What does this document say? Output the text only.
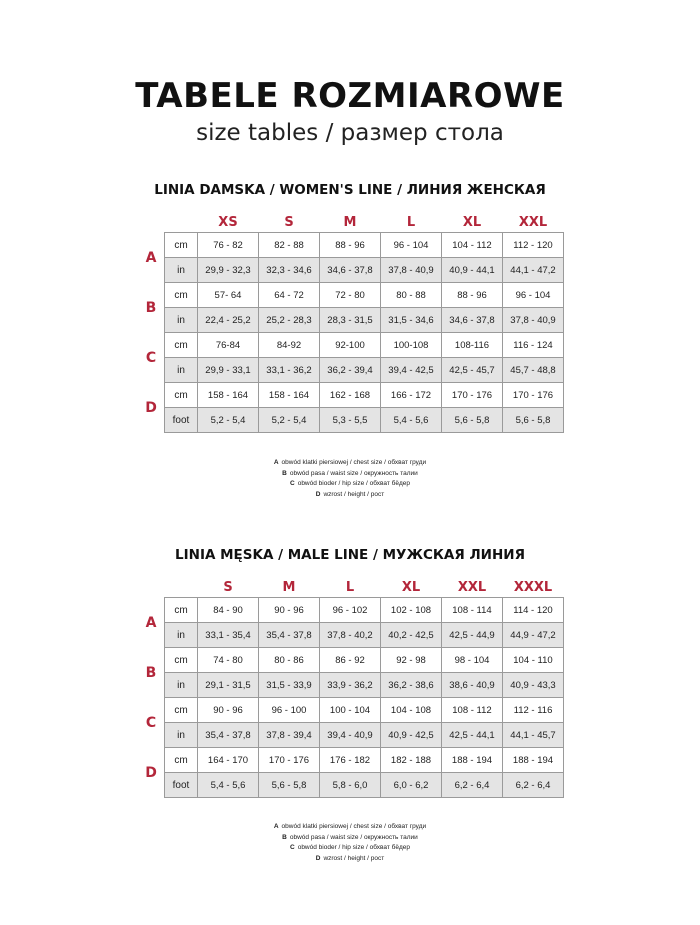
TABELE ROZMIAROWE
size tables / размер стола
LINIA DAMSKA / WOMEN'S LINE / ЛИНИЯ ЖЕНСКАЯ
		XS	S	M	L	XL	XXL
A	cm	76 - 82	82 - 88	88 - 96	96 - 104	104 - 112	112 - 120
	in	29,9 - 32,3	32,3 - 34,6	34,6 - 37,8	37,8 - 40,9	40,9 - 44,1	44,1 - 47,2
B	cm	57- 64	64 - 72	72 - 80	80 - 88	88 - 96	96 - 104
	in	22,4 - 25,2	25,2 - 28,3	28,3 - 31,5	31,5 - 34,6	34,6 - 37,8	37,8 - 40,9
C	cm	76-84	84-92	92-100	100-108	108-116	116 - 124
	in	29,9 - 33,1	33,1 - 36,2	36,2 - 39,4	39,4 - 42,5	42,5 - 45,7	45,7 - 48,8
D	cm	158 - 164	158 - 164	162 - 168	166 - 172	170 - 176	170 - 176
	foot	5,2 - 5,4	5,2 - 5,4	5,3 - 5,5	5,4 - 5,6	5,6 - 5,8	5,6 - 5,8
A obwód klatki piersiowej / chest size / обхват груди
B obwód pasa / waist size / окружность талии
C obwód bioder / hip size / обхват бёдер
D wzrost / height / рост
LINIA MĘSKA / MALE LINE / МУЖСКАЯ ЛИНИЯ
		S	M	L	XL	XXL	XXXL
A	cm	84 - 90	90 - 96	96 - 102	102 - 108	108 - 114	114 - 120
	in	33,1 - 35,4	35,4 - 37,8	37,8 - 40,2	40,2 - 42,5	42,5 - 44,9	44,9 - 47,2
B	cm	74 - 80	80 - 86	86 - 92	92 - 98	98 - 104	104 - 110
	in	29,1 - 31,5	31,5 - 33,9	33,9 - 36,2	36,2 - 38,6	38,6 - 40,9	40,9 - 43,3
C	cm	90 - 96	96 - 100	100 - 104	104 - 108	108 - 112	112 - 116
	in	35,4 - 37,8	37,8 - 39,4	39,4 - 40,9	40,9 - 42,5	42,5 - 44,1	44,1 - 45,7
D	cm	164 - 170	170 - 176	176 - 182	182 - 188	188 - 194	188 - 194
	foot	5,4 - 5,6	5,6 - 5,8	5,8 - 6,0	6,0 - 6,2	6,2 - 6,4	6,2 - 6,4
A obwód klatki piersiowej / chest size / обхват груди
B obwód pasa / waist size / окружность талии
C obwód bioder / hip size / обхват бёдер
D wzrost / height / рост
